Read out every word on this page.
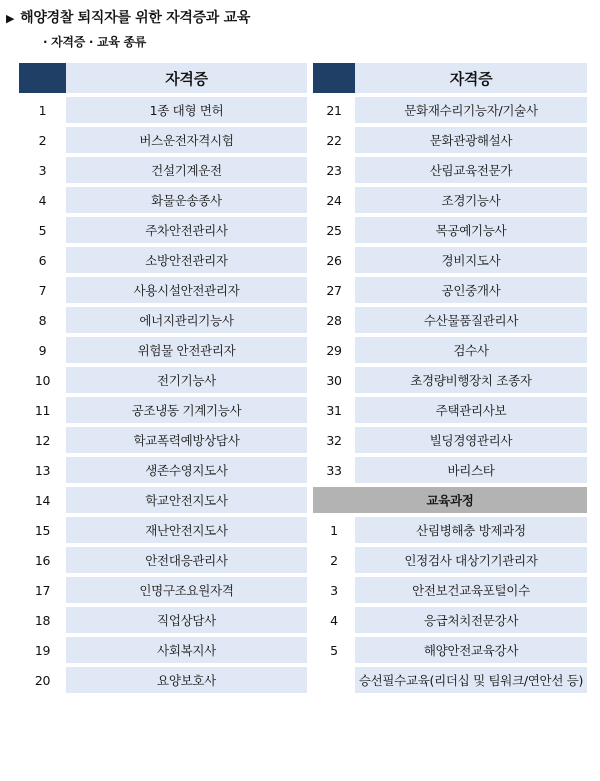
▶ 해양경찰 퇴직자를 위한 자격증과 교육
· 자격증 · 교육 종류
	자격증		자격증
1	1종 대형 면허	21	문화재수리기능자/기술사
2	버스운전자격시험	22	문화관광해설사
3	건설기계운전	23	산림교육전문가
4	화물운송종사	24	조경기능사
5	주차안전관리사	25	목공예기능사
6	소방안전관리자	26	경비지도사
7	사용시설안전관리자	27	공인중개사
8	에너지관리기능사	28	수산물품질관리사
9	위험물 안전관리자	29	검수사
10	전기기능사	30	초경량비행장치 조종자
11	공조냉동 기계기능사	31	주택관리사보
12	학교폭력예방상담사	32	빌딩경영관리사
13	생존수영지도사	33	바리스타
14	학교안전지도사	교육과정	
15	재난안전지도사	1	산림병해충 방제과정
16	안전대응관리사	2	인정검사 대상기기관리자
17	인명구조요원자격	3	안전보건교육포털이수
18	직업상담사	4	응급처치전문강사
19	사회복지사	5	해양안전교육강사
20	요양보호사		승선필수교육(리더십 및 팀워크/연안선 등)
